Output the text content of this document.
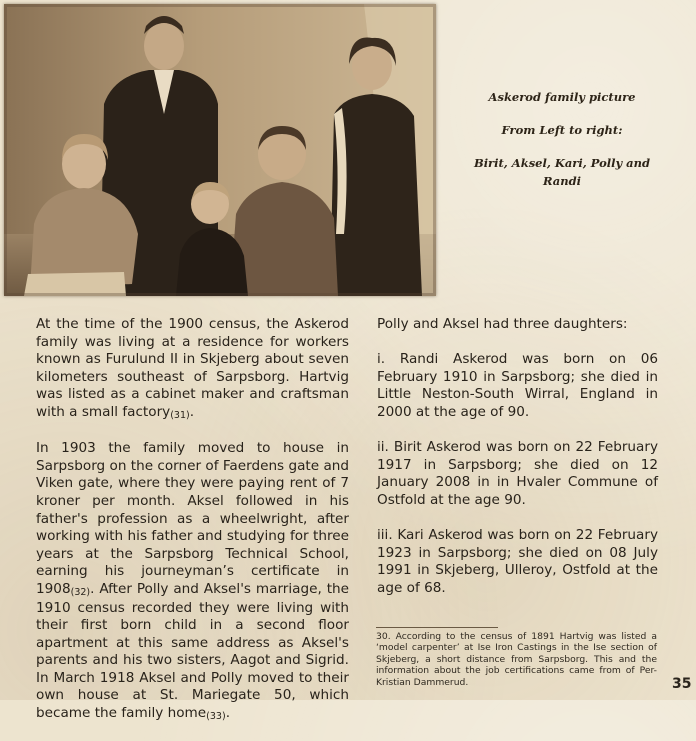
Askerod family picture

From Left to right:

Birit, Aksel, Kari, Polly and Randi

At the time of the 1900 census, the Askerod family was living at a residence for workers known as Furulund II in Skjeberg about seven kilometers southeast of Sarpsborg. Hartvig was listed as a cabinet maker and craftsman with a small factory$_{(31)}$.

In 1903 the family moved to house in Sarpsborg on the corner of Faerdens gate and Viken gate, where they were paying rent of 7 kroner per month. Aksel followed in his father's profession as a wheelwright, after working with his father and studying for three years at the Sarpsborg Technical School, earning his journeyman’s certificate in $1908_{(32)}$. After Polly and Aksel's marriage, the 1910 census recorded they were living with their first born child in a second floor apartment at this same address as Aksel's parents and his two sisters, Aagot and Sigrid. In March 1918 Aksel and Polly moved to their own house at St. Mariegate 50, which became the family home$_{(33)}$.

Polly and Aksel had three daughters:

i. Randi Askerod was born on 06 February 1910 in Sarpsborg; she died in Little Neston-South Wirral, England in 2000 at the age of 90.

ii. Birit Askerod was born on 22 February 1917 in Sarpsborg; she died on 12 January 2008 in in Hvaler Commune of Ostfold at the age 90.

iii. Kari Askerod was born on 22 February 1923 in Sarpsborg; she died on 08 July 1991 in Skjeberg, Ulleroy, Ostfold at the age of 68.

30. According to the census of 1891 Hartvig was listed a ‘model carpenter’ at Ise Iron Castings in the Ise section of Skjeberg, a short distance from Sarpsborg. This and the information about the job certifications came from of Per-Kristian Dammerud.	35
